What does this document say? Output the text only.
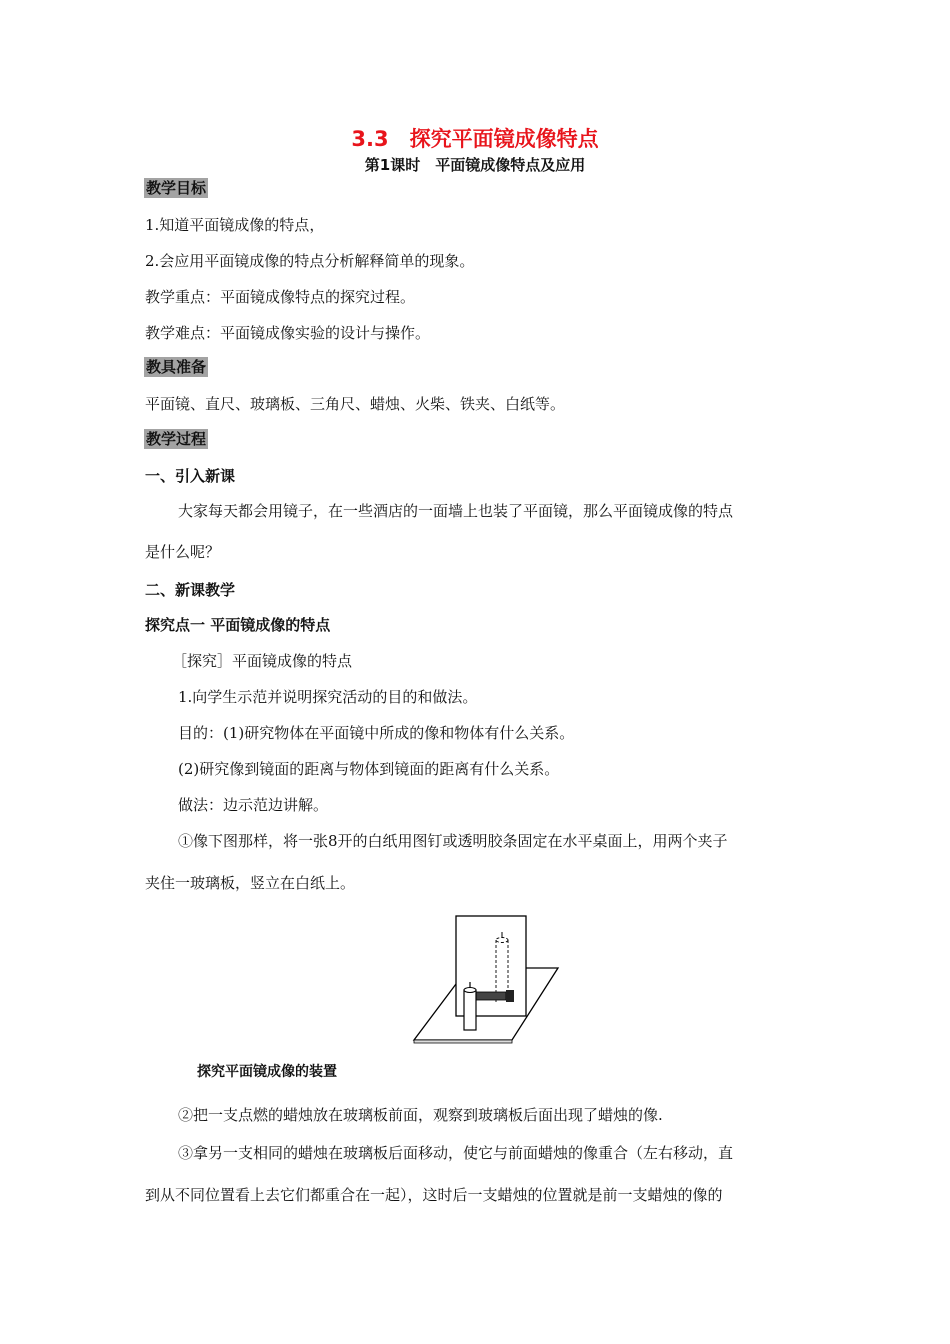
3.3　探究平面镜成像特点
第1课时　平面镜成像特点及应用
教学目标
1.知道平面镜成像的特点，
2.会应用平面镜成像的特点分析解释简单的现象。
教学重点：平面镜成像特点的探究过程。
教学难点：平面镜成像实验的设计与操作。
教具准备
平面镜、直尺、玻璃板、三角尺、蜡烛、火柴、铁夹、白纸等。
教学过程
一、引入新课
大家每天都会用镜子，在一些酒店的一面墙上也装了平面镜，那么平面镜成像的特点
是什么呢？
二、新课教学
探究点一 平面镜成像的特点
［探究］平面镜成像的特点
1.向学生示范并说明探究活动的目的和做法。
目的：(1)研究物体在平面镜中所成的像和物体有什么关系。
(2)研究像到镜面的距离与物体到镜面的距离有什么关系。
做法：边示范边讲解。
①像下图那样，将一张8开的白纸用图钉或透明胶条固定在水平桌面上，用两个夹子
夹住一玻璃板，竖立在白纸上。
探究平面镜成像的装置
②把一支点燃的蜡烛放在玻璃板前面，观察到玻璃板后面出现了蜡烛的像.
③拿另一支相同的蜡烛在玻璃板后面移动，使它与前面蜡烛的像重合（左右移动，直
到从不同位置看上去它们都重合在一起），这时后一支蜡烛的位置就是前一支蜡烛的像的
